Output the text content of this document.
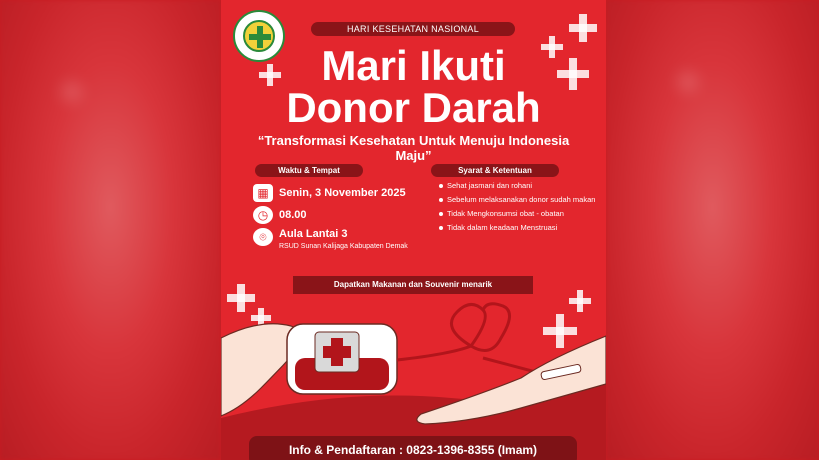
+	+
HARI KESEHATAN NASIONAL
Mari Ikuti
Donor Darah
“Transformasi Kesehatan Untuk Menuju Indonesia Maju”
Waktu & Tempat	Syarat & Ketentuan
▦ Senin, 3 November 2025
◷ 08.00
⌾	Aula Lantai 3
RSUD Sunan Kalijaga Kabupaten Demak
Sehat jasmani dan rohani
Sebelum melaksanakan donor sudah makan
Tidak Mengkonsumsi obat - obatan
Tidak dalam keadaan Menstruasi
Dapatkan Makanan dan Souvenir menarik
Info & Pendaftaran : 0823-1396-8355 (Imam)
